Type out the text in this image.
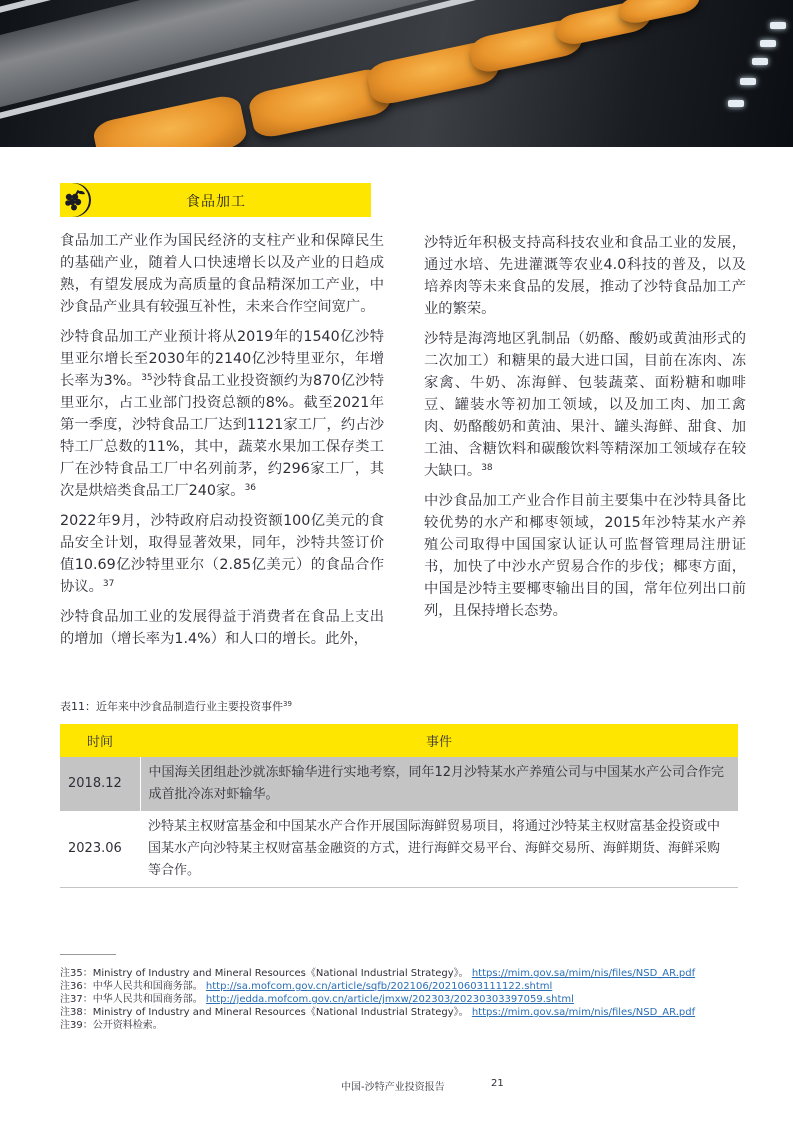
食品加工

食品加工产业作为国民经济的支柱产业和保障民生的基础产业，随着人口快速增长以及产业的日趋成熟，有望发展成为高质量的食品精深加工产业，中沙食品产业具有较强互补性，未来合作空间宽广。

沙特食品加工产业预计将从2019年的1540亿沙特里亚尔增长至2030年的2140亿沙特里亚尔，年增长率为3%。$^{35}$沙特食品工业投资额约为870亿沙特里亚尔，占工业部门投资总额的8%。截至2021年第一季度，沙特食品工厂达到1121家工厂，约占沙特工厂总数的11%，其中，蔬菜水果加工保存类工厂在沙特食品工厂中名列前茅，约296家工厂，其次是烘焙类食品工厂240家。$^{36}$

2022年9月，沙特政府启动投资额100亿美元的食品安全计划，取得显著效果，同年，沙特共签订价值10.69亿沙特里亚尔（2.85亿美元）的食品合作协议。$^{37}$

沙特食品加工业的发展得益于消费者在食品上支出的增加（增长率为1.4%）和人口的增长。此外，

沙特近年积极支持高科技农业和食品工业的发展，通过水培、先进灌溉等农业4.0科技的普及，以及培养肉等未来食品的发展，推动了沙特食品加工产业的繁荣。

沙特是海湾地区乳制品（奶酪、酸奶或黄油形式的二次加工）和糖果的最大进口国，目前在冻肉、冻家禽、牛奶、冻海鲜、包装蔬菜、面粉糖和咖啡豆、罐装水等初加工领域，以及加工肉、加工禽肉、奶酪酸奶和黄油、果汁、罐头海鲜、甜食、加工油、含糖饮料和碳酸饮料等精深加工领域存在较大缺口。$^{38}$

中沙食品加工产业合作目前主要集中在沙特具备比较优势的水产和椰枣领域，2015年沙特某水产养殖公司取得中国国家认证认可监督管理局注册证书，加快了中沙水产贸易合作的步伐；椰枣方面，中国是沙特主要椰枣输出目的国，常年位列出口前列，且保持增长态势。

表11：近年来中沙食品制造行业主要投资事件$^{39}$
时间	事件
2018.12	中国海关团组赴沙就冻虾输华进行实地考察，同年12月沙特某水产养殖公司与中国某水产公司合作完成首批冷冻对虾输华。
2023.06	沙特某主权财富基金和中国某水产合作开展国际海鲜贸易项目，将通过沙特某主权财富基金投资或中国某水产向沙特某主权财富基金融资的方式，进行海鲜交易平台、海鲜交易所、海鲜期货、海鲜采购等合作。
注35：Ministry of Industry and Mineral Resources《National Industrial Strategy》。 https://mim.gov.sa/mim/nis/files/NSD_AR.pdf
注36：中华人民共和国商务部。 http://sa.mofcom.gov.cn/article/sqfb/202106/20210603111122.shtml
注37：中华人民共和国商务部。 http://jedda.mofcom.gov.cn/article/jmxw/202303/20230303397059.shtml
注38：Ministry of Industry and Mineral Resources《National Industrial Strategy》。 https://mim.gov.sa/mim/nis/files/NSD_AR.pdf
注39：公开资料检索。
中国-沙特产业投资报告	21
